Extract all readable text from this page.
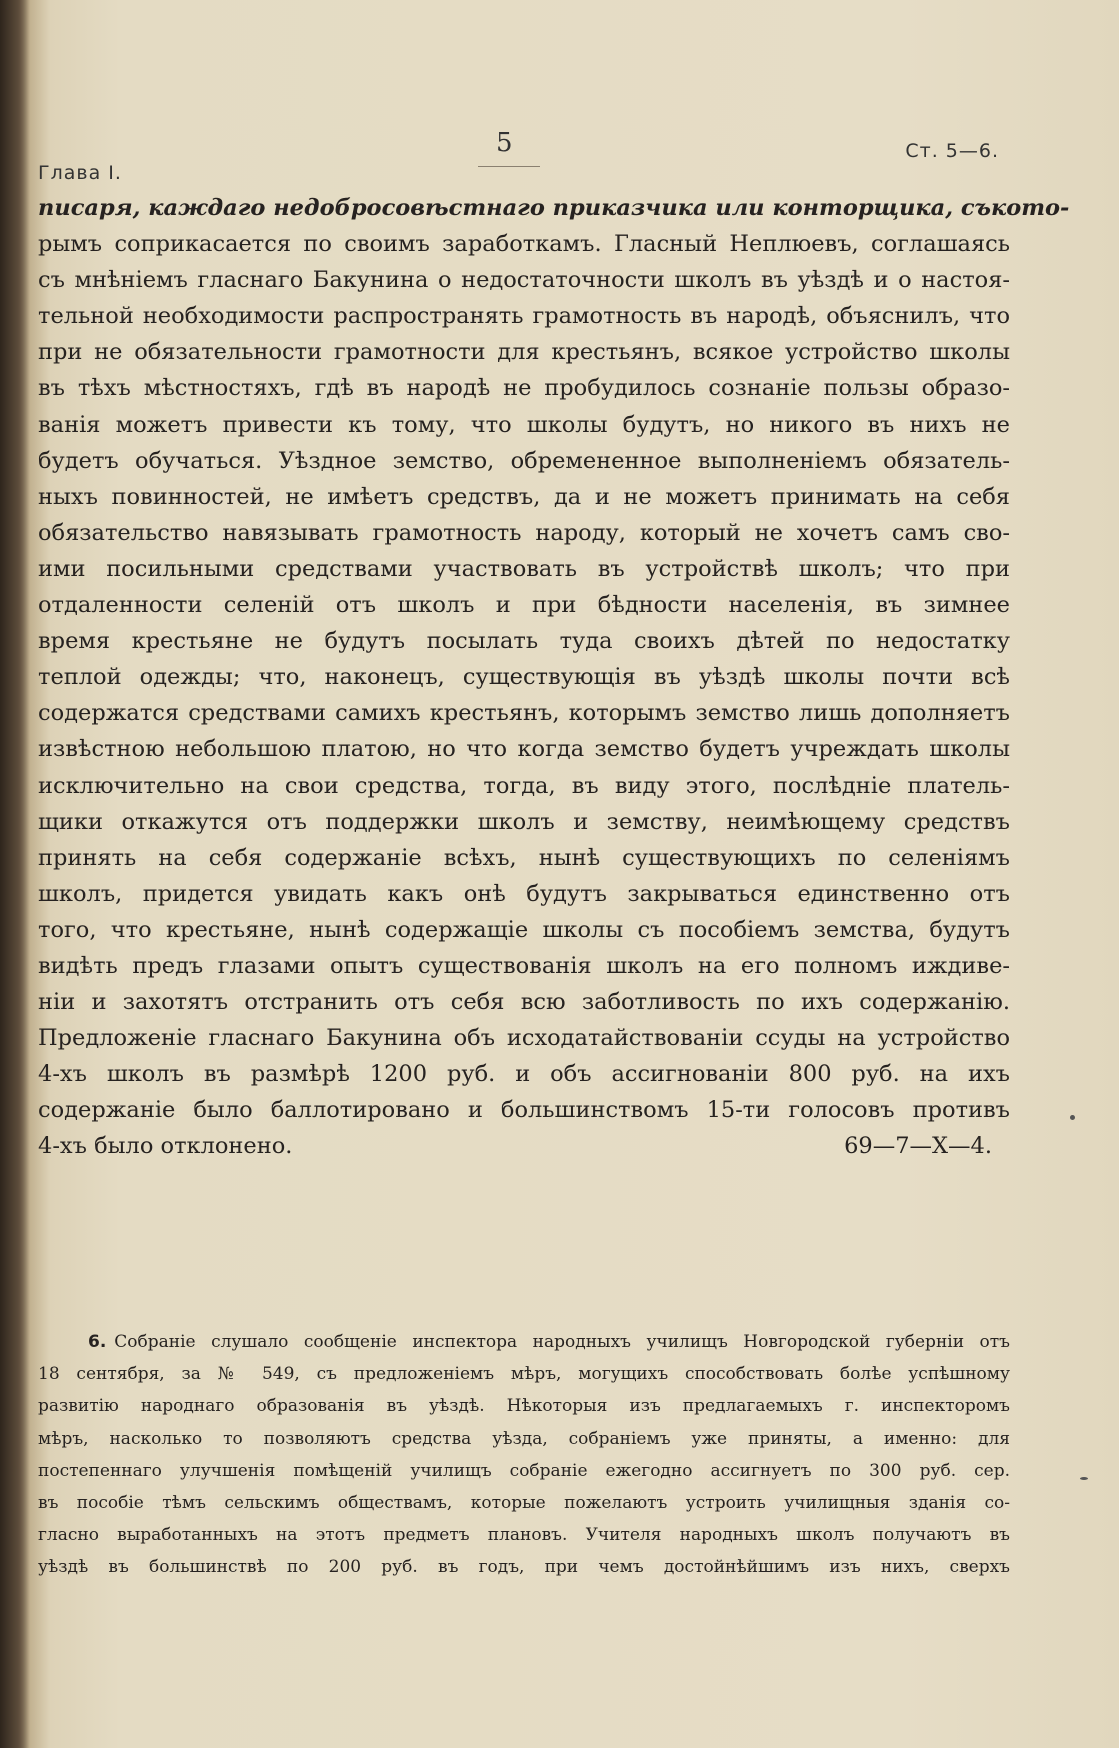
Глава I.
5	Ст. 5—6.
писаря, каждаго недобросовѣстнаго приказчика или конторщика, съкото-
рымъ соприкасается по своимъ заработкамъ. Гласный Неплюевъ, соглашаясь
съ мнѣніемъ гласнаго Бакунина о недостаточности школъ въ уѣздѣ и о настоя-
тельной необходимости распространять грамотность въ народѣ, объяснилъ, что
при не обязательности грамотности для крестьянъ, всякое устройство школы
въ тѣхъ мѣстностяхъ, гдѣ въ народѣ не пробудилось сознаніе пользы образо-
ванія можетъ привести къ тому, что школы будутъ, но никого въ нихъ не
будетъ обучаться. Уѣздное земство, обремененное выполненіемъ обязатель-
ныхъ повинностей, не имѣетъ средствъ, да и не можетъ принимать на себя
обязательство навязывать грамотность народу, который не хочетъ самъ сво-
ими посильными средствами участвовать въ устройствѣ школъ; что при
отдаленности селеній отъ школъ и при бѣдности населенія, въ зимнее
время крестьяне не будутъ посылать туда своихъ дѣтей по недостатку
теплой одежды; что, наконецъ, существующія въ уѣздѣ школы почти всѣ
содержатся средствами самихъ крестьянъ, которымъ земство лишь дополняетъ
извѣстною небольшою платою, но что когда земство будетъ учреждать школы
исключительно на свои средства, тогда, въ виду этого, послѣдніе платель-
щики откажутся отъ поддержки школъ и земству, неимѣющему средствъ
принять на себя содержаніе всѣхъ, нынѣ существующихъ по селеніямъ
школъ, придется увидать какъ онѣ будутъ закрываться единственно отъ
того, что крестьяне, нынѣ содержащіе школы съ пособіемъ земства, будутъ
видѣть предъ глазами опытъ существованія школъ на его полномъ иждиве-
ніи и захотятъ отстранить отъ себя всю заботливость по ихъ содержанію.
Предложеніе гласнаго Бакунина объ исходатайствованіи ссуды на устройство
4-хъ школъ въ размѣрѣ 1200 руб. и объ ассигнованіи 800 руб. на ихъ
содержаніе было баллотировано и большинствомъ 15-ти голосовъ противъ
4-хъ было отклонено.	69—7—Х—4.
6. Собраніе слушало сообщеніе инспектора народныхъ училищъ Новгородской губерніи отъ
18 сентября, за № 549, съ предложеніемъ мѣръ, могущихъ способствовать болѣе успѣшному
развитію народнаго образованія въ уѣздѣ. Нѣкоторыя изъ предлагаемыхъ г. инспекторомъ
мѣръ, насколько то позволяютъ средства уѣзда, собраніемъ уже приняты, а именно: для
постепеннаго улучшенія помѣщеній училищъ собраніе ежегодно ассигнуетъ по 300 руб. сер.
въ пособіе тѣмъ сельскимъ обществамъ, которые пожелаютъ устроить училищныя зданія со-
гласно выработанныхъ на этотъ предметъ плановъ. Учителя народныхъ школъ получаютъ въ
уѣздѣ въ большинствѣ по 200 руб. въ годъ, при чемъ достойнѣйшимъ изъ нихъ, сверхъ
